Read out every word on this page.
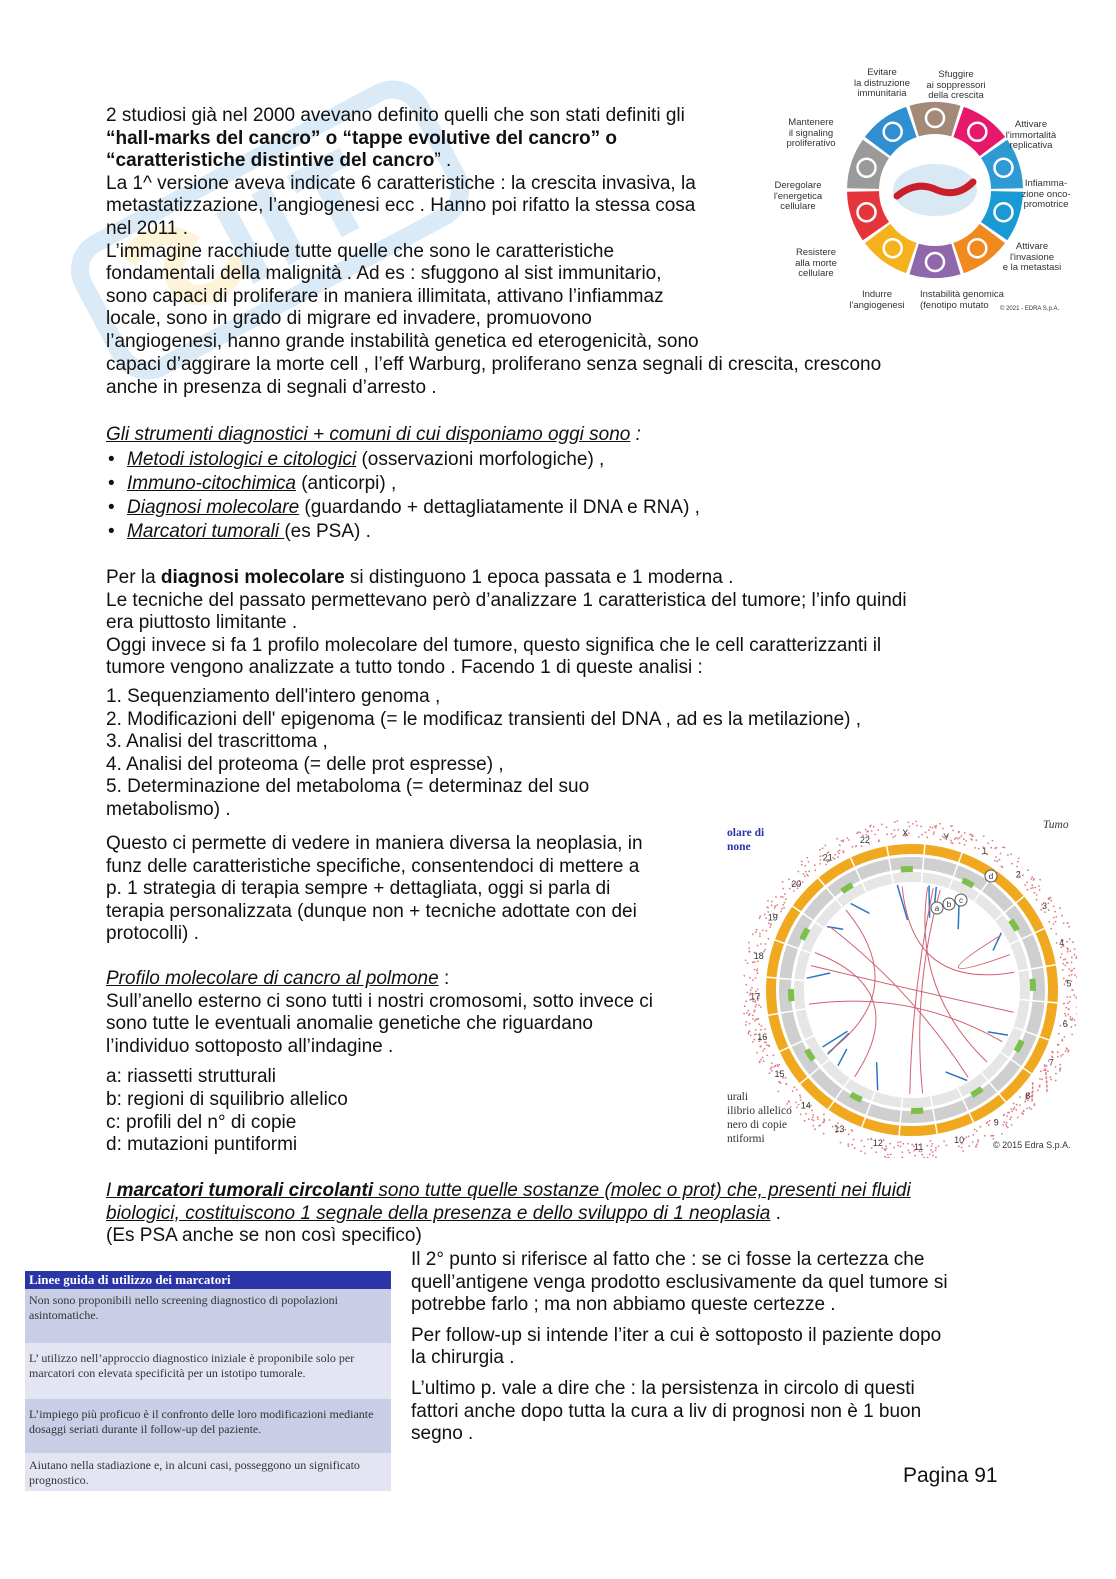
2 studiosi già nel 2000 avevano definito quelli che son stati definiti gli

“hall-marks del cancro” o “tappe evolutive del cancro” o

“caratteristiche distintive del cancro” .

La 1^ versione aveva indicate 6 caratteristiche : la crescita invasiva, la

metastatizzazione, l’angiogenesi ecc . Hanno poi rifatto la stessa cosa

nel 2011 .

L’immagine racchiude tutte quelle che sono le caratteristiche

fondamentali della malignità . Ad es : sfuggono al sist immunitario,

sono capaci di proliferare in maniera illimitata, attivano l’infiammaz

locale, sono in grado di migrare ed invadere, promuovono

l’angiogenesi, hanno grande instabilità genetica ed eterogenicità, sono

capaci d’aggirare la morte cell , l’eff Warburg, proliferano senza segnali di crescita, crescono

anche in presenza di segnali d’arresto .

Evitare
la distruzione
immunitaria
Sfuggire
ai soppressori
della crescita
Mantenere
il signaling
proliferativo
Attivare
l'immortalità
replicativa
Deregolare
l'energetica
cellulare
Infiamma-
zione onco-
promotrice
Resistere
alla morte
cellulare
Attivare
l'invasione
e la metastasi
Indurre
l'angiogenesi
Instabilità genomica
(fenotipo mutato	© 2021 - EDRA S.p.A.

Gli strumenti diagnostici + comuni di cui disponiamo oggi sono :

• Metodi istologici e citologici (osservazioni morfologiche) ,
• Immuno-citochimica (anticorpi) ,
• Diagnosi molecolare (guardando + dettagliatamente il DNA e RNA) ,
• Marcatori tumorali (es PSA) .

Per la diagnosi molecolare si distinguono 1 epoca passata e 1 moderna .

Le tecniche del passato permettevano però d’analizzare 1 caratteristica del tumore; l’info quindi

era piuttosto limitante .

Oggi invece si fa 1 profilo molecolare del tumore, questo significa che le cell caratterizzanti il

tumore vengono analizzate a tutto tondo . Facendo 1 di queste analisi :

1. Sequenziamento dell'intero genoma ,

2. Modificazioni dell' epigenoma (= le modificaz transienti del DNA , ad es la metilazione) ,

3. Analisi del trascrittoma ,

4. Analisi del proteoma (= delle prot espresse) ,

5. Determinazione del metaboloma (= determinaz del suo

metabolismo) .

Questo ci permette di vedere in maniera diversa la neoplasia, in

funz delle caratteristiche specifiche, consentendoci di mettere a

p. 1 strategia di terapia sempre + dettagliata, oggi si parla di

terapia personalizzata (dunque non + tecniche adottate con dei

protocolli) .

Profilo molecolare di cancro al polmone :

Sull’anello esterno ci sono tutti i nostri cromosomi, sotto invece ci

sono tutte le eventuali anomalie genetiche che riguardano

l’individuo sottoposto all’indagine .

a: riassetti strutturali

b: regioni di squilibrio allelico

c: profili del n° di copie

d: mutazioni puntiformi

1
2
3
4
5
6
7
8
9
10
11
12
13
14
15
16
17
18
19
20
21
22
X	Y
a b c
d
olare di
none
Tumo
urali
ilibrio allelico
nero di copie
ntiformi	© 2015 Edra S.p.A.

I marcatori tumorali circolanti sono tutte quelle sostanze (molec o prot) che, presenti nei fluidi

biologici, costituiscono 1 segnale della presenza e dello sviluppo di 1 neoplasia .

(Es PSA anche se non così specifico)

Linee guida di utilizzo dei marcatori
Non sono proponibili nello screening diagnostico di popolazioni asintomatiche.
L’ utilizzo nell’approccio diagnostico iniziale è proponibile solo per marcatori con elevata specificità per un istotipo tumorale.
L’impiego più proficuo è il confronto delle loro modificazioni mediante dosaggi seriati durante il follow-up del paziente.
Aiutano nella stadiazione e, in alcuni casi, posseggono un significato prognostico.

Il 2° punto si riferisce al fatto che : se ci fosse la certezza che

quell’antigene venga prodotto esclusivamente da quel tumore si

potrebbe farlo ; ma non abbiamo queste certezze .

Per follow-up si intende l’iter a cui è sottoposto il paziente dopo

la chirurgia .

L’ultimo p. vale a dire che : la persistenza in circolo di questi

fattori anche dopo tutta la cura a liv di prognosi non è 1 buon

segno .

Pagina 91
